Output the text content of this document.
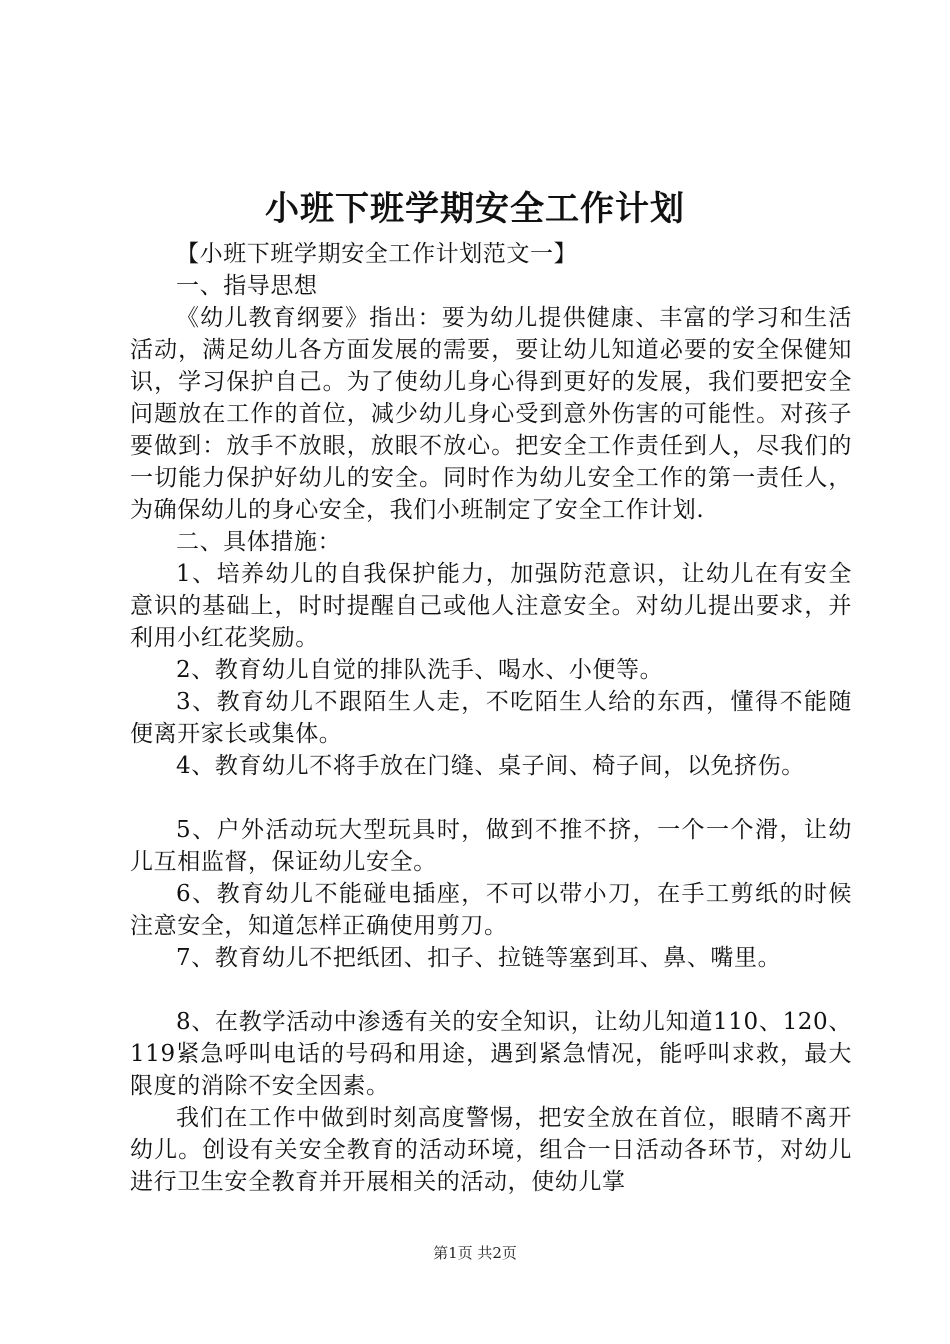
小班下班学期安全工作计划

【小班下班学期安全工作计划范文一】

一、指导思想

《幼儿教育纲要》指出：要为幼儿提供健康、丰富的学习和生活活动，满足幼儿各方面发展的需要，要让幼儿知道必要的安全保健知识，学习保护自己。为了使幼儿身心得到更好的发展，我们要把安全问题放在工作的首位，减少幼儿身心受到意外伤害的可能性。对孩子要做到：放手不放眼，放眼不放心。把安全工作责任到人，尽我们的一切能力保护好幼儿的安全。同时作为幼儿安全工作的第一责任人，为确保幼儿的身心安全，我们小班制定了安全工作计划.

二、具体措施：

1、培养幼儿的自我保护能力，加强防范意识，让幼儿在有安全意识的基础上，时时提醒自己或他人注意安全。对幼儿提出要求，并利用小红花奖励。

2、教育幼儿自觉的排队洗手、喝水、小便等。

3、教育幼儿不跟陌生人走，不吃陌生人给的东西，懂得不能随便离开家长或集体。

4、教育幼儿不将手放在门缝、桌子间、椅子间，以免挤伤。

5、户外活动玩大型玩具时，做到不推不挤，一个一个滑，让幼儿互相监督，保证幼儿安全。

6、教育幼儿不能碰电插座，不可以带小刀，在手工剪纸的时候注意安全，知道怎样正确使用剪刀。

7、教育幼儿不把纸团、扣子、拉链等塞到耳、鼻、嘴里。

8、在教学活动中渗透有关的安全知识，让幼儿知道110、120、119紧急呼叫电话的号码和用途，遇到紧急情况，能呼叫求救，最大限度的消除不安全因素。

我们在工作中做到时刻高度警惕，把安全放在首位，眼睛不离开幼儿。创设有关安全教育的活动环境，组合一日活动各环节，对幼儿进行卫生安全教育并开展相关的活动，使幼儿掌

第1页 共2页
